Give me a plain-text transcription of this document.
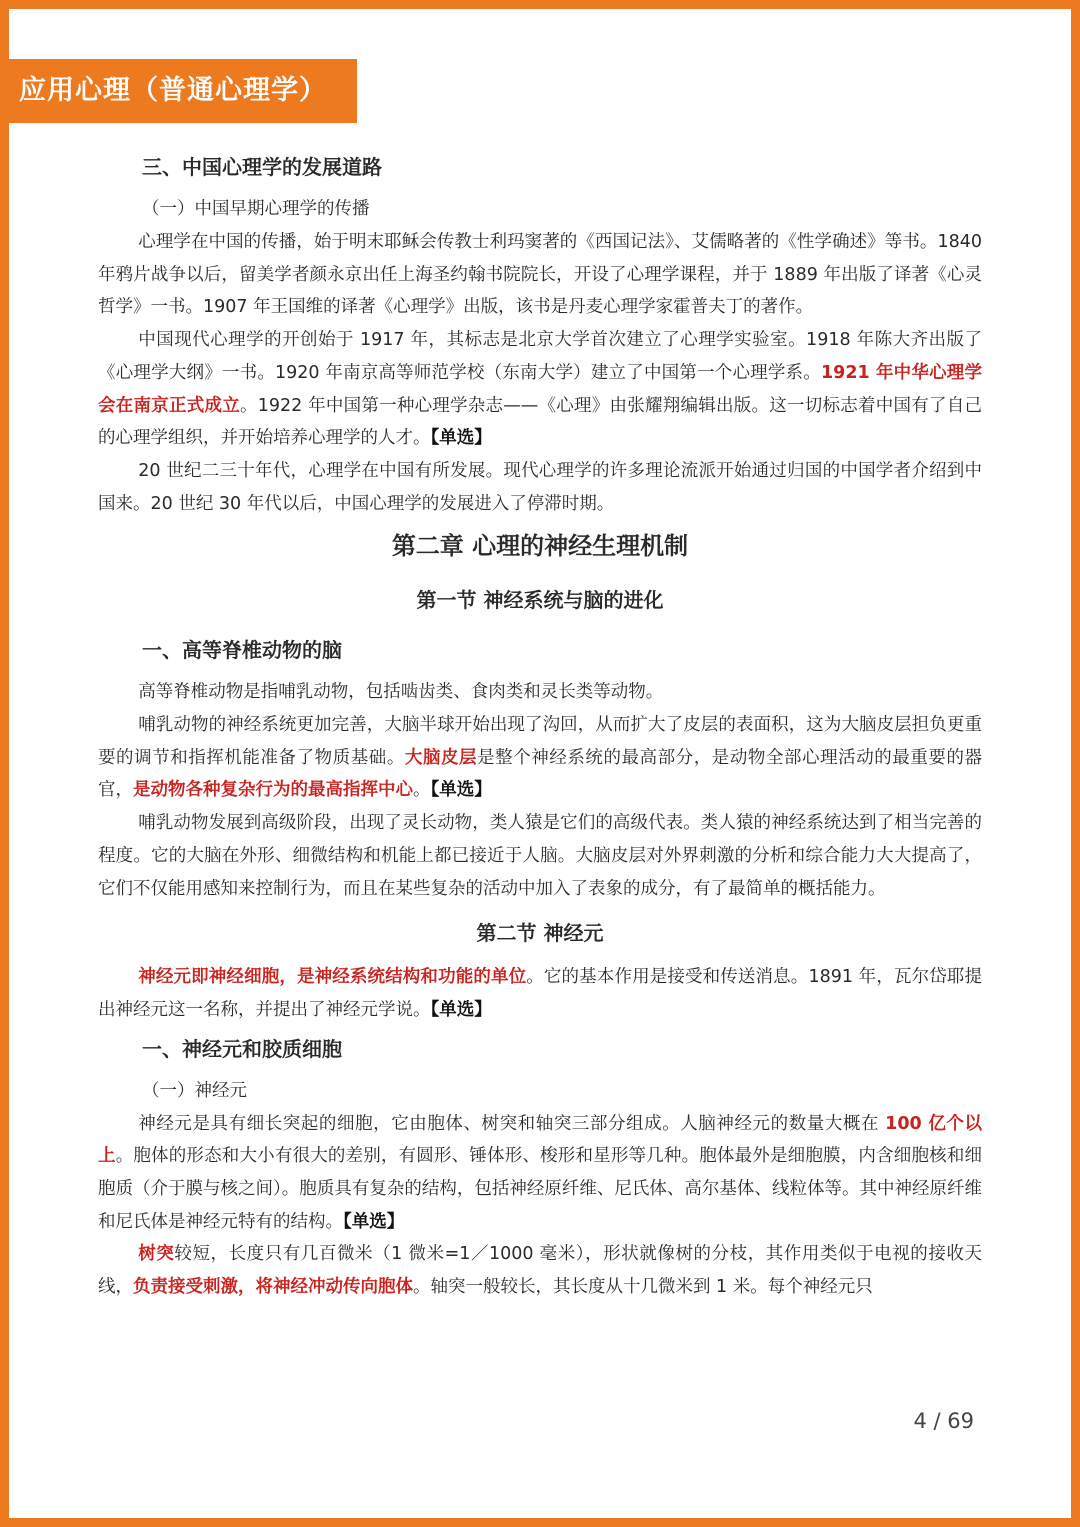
应用心理（普通心理学）
三、中国心理学的发展道路
（一）中国早期心理学的传播

心理学在中国的传播，始于明末耶稣会传教士利玛窦著的《西国记法》、艾儒略著的《性学确述》等书。1840 年鸦片战争以后，留美学者颜永京出任上海圣约翰书院院长，开设了心理学课程，并于 1889 年出版了译著《心灵哲学》一书。1907 年王国维的译著《心理学》出版，该书是丹麦心理学家霍普夫丁的著作。

中国现代心理学的开创始于 1917 年，其标志是北京大学首次建立了心理学实验室。1918 年陈大齐出版了《心理学大纲》一书。1920 年南京高等师范学校（东南大学）建立了中国第一个心理学系。1921 年中华心理学会在南京正式成立。1922 年中国第一种心理学杂志——《心理》由张耀翔编辑出版。这一切标志着中国有了自己的心理学组织，并开始培养心理学的人才。【单选】

20 世纪二三十年代，心理学在中国有所发展。现代心理学的许多理论流派开始通过归国的中国学者介绍到中国来。20 世纪 30 年代以后，中国心理学的发展进入了停滞时期。

第二章 心理的神经生理机制
第一节 神经系统与脑的进化
一、高等脊椎动物的脑

高等脊椎动物是指哺乳动物，包括啮齿类、食肉类和灵长类等动物。

哺乳动物的神经系统更加完善，大脑半球开始出现了沟回，从而扩大了皮层的表面积，这为大脑皮层担负更重要的调节和指挥机能准备了物质基础。大脑皮层是整个神经系统的最高部分，是动物全部心理活动的最重要的器官，是动物各种复杂行为的最高指挥中心。【单选】

哺乳动物发展到高级阶段，出现了灵长动物，类人猿是它们的高级代表。类人猿的神经系统达到了相当完善的程度。它的大脑在外形、细微结构和机能上都已接近于人脑。大脑皮层对外界刺激的分析和综合能力大大提高了，它们不仅能用感知来控制行为，而且在某些复杂的活动中加入了表象的成分，有了最简单的概括能力。

第二节 神经元

神经元即神经细胞，是神经系统结构和功能的单位。它的基本作用是接受和传送消息。1891 年，瓦尔岱耶提出神经元这一名称，并提出了神经元学说。【单选】

一、神经元和胶质细胞
（一）神经元

神经元是具有细长突起的细胞，它由胞体、树突和轴突三部分组成。人脑神经元的数量大概在 100 亿个以上。胞体的形态和大小有很大的差别，有圆形、锤体形、梭形和星形等几种。胞体最外是细胞膜，内含细胞核和细胞质（介于膜与核之间）。胞质具有复杂的结构，包括神经原纤维、尼氏体、高尔基体、线粒体等。其中神经原纤维和尼氏体是神经元特有的结构。【单选】

树突较短，长度只有几百微米（1 微米=1／1000 毫米），形状就像树的分枝，其作用类似于电视的接收天线，负责接受刺激，将神经冲动传向胞体。轴突一般较长，其长度从十几微米到 1 米。每个神经元只

4 / 69
